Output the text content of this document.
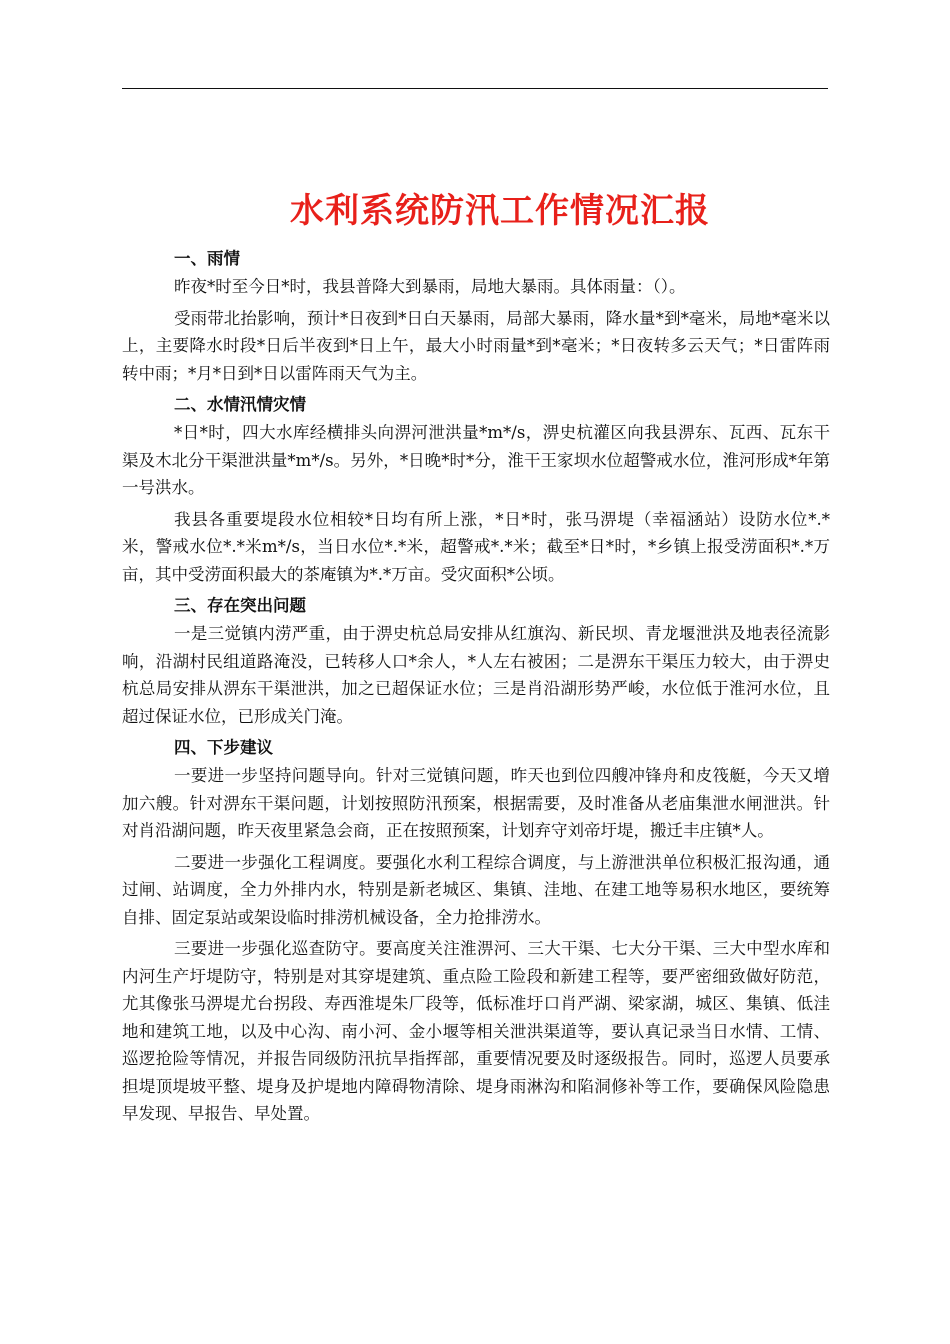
水利系统防汛工作情况汇报
一、雨情

昨夜*时至今日*时，我县普降大到暴雨，局地大暴雨。具体雨量：（）。

受雨带北抬影响，预计*日夜到*日白天暴雨，局部大暴雨，降水量*到*毫米，局地*毫米以上，主要降水时段*日后半夜到*日上午，最大小时雨量*到*毫米；*日夜转多云天气；*日雷阵雨转中雨；*月*日到*日以雷阵雨天气为主。

二、水情汛情灾情

*日*时，四大水库经横排头向淠河泄洪量*m*/s，淠史杭灌区向我县淠东、瓦西、瓦东干渠及木北分干渠泄洪量*m*/s。另外，*日晚*时*分，淮干王家坝水位超警戒水位，淮河形成*年第一号洪水。

我县各重要堤段水位相较*日均有所上涨，*日*时，张马淠堤（幸福涵站）设防水位*.*米，警戒水位*.*米m*/s，当日水位*.*米，超警戒*.*米；截至*日*时，*乡镇上报受涝面积*.*万亩，其中受涝面积最大的茶庵镇为*.*万亩。受灾面积*公顷。

三、存在突出问题

一是三觉镇内涝严重，由于淠史杭总局安排从红旗沟、新民坝、青龙堰泄洪及地表径流影响，沿湖村民组道路淹没，已转移人口*余人，*人左右被困；二是淠东干渠压力较大，由于淠史杭总局安排从淠东干渠泄洪，加之已超保证水位；三是肖沿湖形势严峻，水位低于淮河水位，且超过保证水位，已形成关门淹。

四、下步建议

一要进一步坚持问题导向。针对三觉镇问题，昨天也到位四艘冲锋舟和皮筏艇，今天又增加六艘。针对淠东干渠问题，计划按照防汛预案，根据需要，及时准备从老庙集泄水闸泄洪。针对肖沿湖问题，昨天夜里紧急会商，正在按照预案，计划弃守刘帝圩堤，搬迁丰庄镇*人。

二要进一步强化工程调度。要强化水利工程综合调度，与上游泄洪单位积极汇报沟通，通过闸、站调度，全力外排内水，特别是新老城区、集镇、洼地、在建工地等易积水地区，要统筹自排、固定泵站或架设临时排涝机械设备，全力抢排涝水。

三要进一步强化巡查防守。要高度关注淮淠河、三大干渠、七大分干渠、三大中型水库和内河生产圩堤防守，特别是对其穿堤建筑、重点险工险段和新建工程等，要严密细致做好防范，尤其像张马淠堤尤台拐段、寿西淮堤朱厂段等，低标准圩口肖严湖、梁家湖，城区、集镇、低洼地和建筑工地，以及中心沟、南小河、金小堰等相关泄洪渠道等，要认真记录当日水情、工情、巡逻抢险等情况，并报告同级防汛抗旱指挥部，重要情况要及时逐级报告。同时，巡逻人员要承担堤顶堤坡平整、堤身及护堤地内障碍物清除、堤身雨淋沟和陷洞修补等工作，要确保风险隐患早发现、早报告、早处置。
